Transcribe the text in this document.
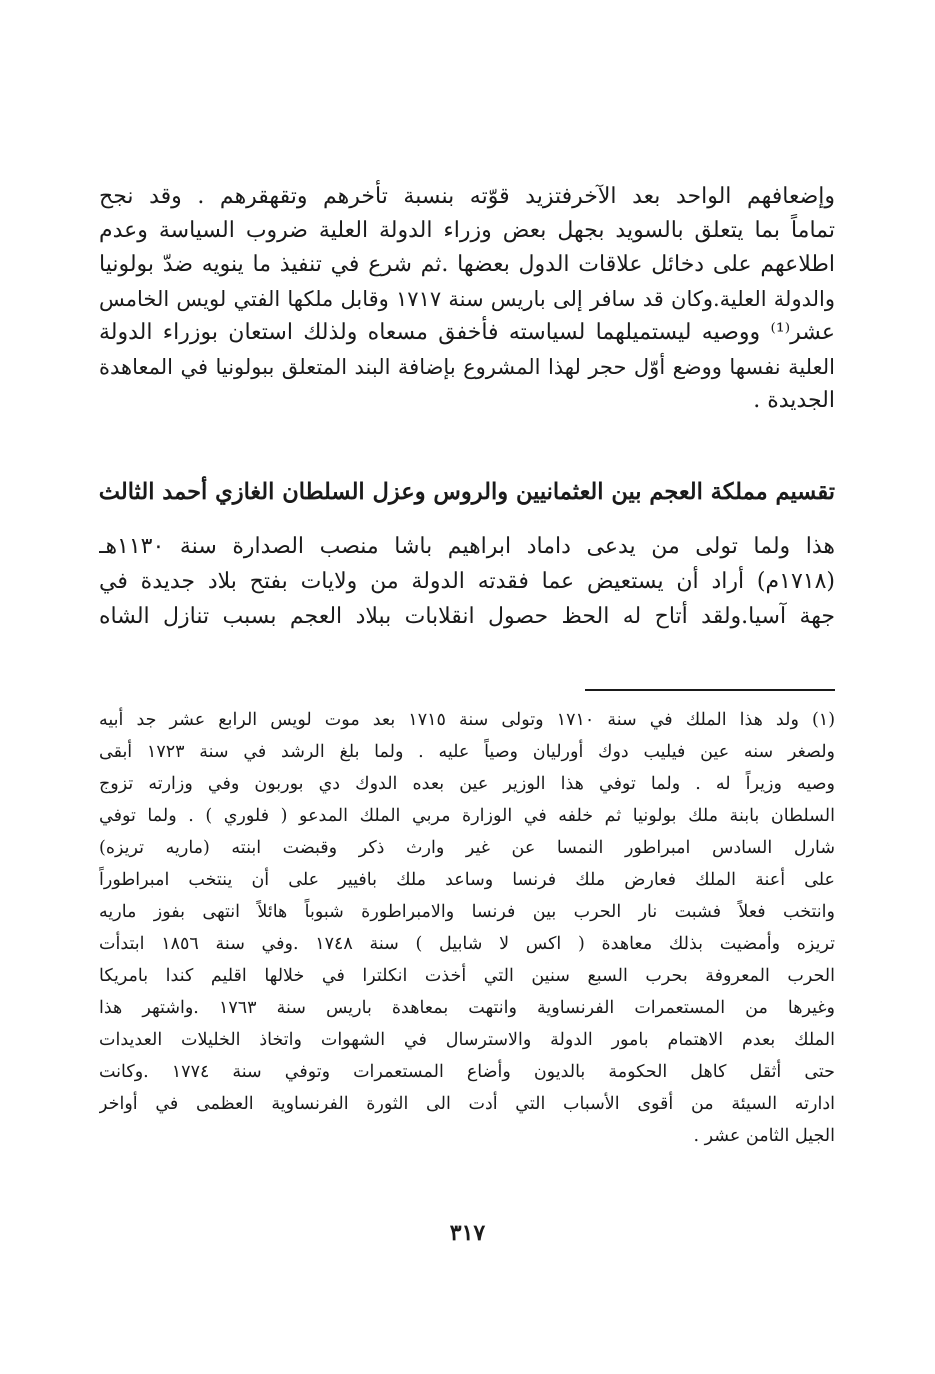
وإضعافهم الواحد بعد الآخرفتزيد قوّته بنسبة تأخرهم وتقهقرهم . وقد نجح
تماماً بما يتعلق بالسويد بجهل بعض وزراء الدولة العلية ضروب السياسة وعدم
اطلاعهم على دخائل علاقات الدول بعضها .ثم شرع في تنفيذ ما ينويه ضدّ بولونيا
والدولة العلية.وكان قد سافر إلى باريس سنة ١٧١٧ وقابل ملكها الفتي لويس الخامس
عشر⁽¹⁾ ووصيه ليستميلهما لسياسته فأخفق مسعاه ولذلك استعان بوزراء الدولة
العلية نفسها ووضع أوّل حجر لهذا المشروع بإضافة البند المتعلق ببولونيا في المعاهدة
الجديدة .
تقسيم مملكة العجم بين العثمانيين والروس وعزل السلطان الغازي أحمد الثالث
هذا ولما تولى من يدعى داماد ابراهيم باشا منصب الصدارة سنة ١١٣٠هـ
(١٧١٨م) أراد أن يستعيض عما فقدته الدولة من ولايات بفتح بلاد جديدة في
جهة آسيا.ولقد أتاح له الحظ حصول انقلابات ببلاد العجم بسبب تنازل الشاه
(١) ولد هذا الملك في سنة ١٧١٠ وتولى سنة ١٧١٥ بعد موت لويس الرابع عشر جد أبيه
ولصغر سنه عين فيليب دوك أورليان وصياً عليه . ولما بلغ الرشد في سنة ١٧٢٣ أبقى
وصيه وزيراً له . ولما توفي هذا الوزير عين بعده الدوك دي بوربون وفي وزارته تزوج
السلطان بابنة ملك بولونيا ثم خلفه في الوزارة مربي الملك المدعو ( فلوري ) . ولما توفي
شارل السادس امبراطور النمسا عن غير وارث ذكر وقبضت ابنته (ماريه تريزه)
على أعنة الملك فعارض ملك فرنسا وساعد ملك بافيير على أن ينتخب امبراطوراً
وانتخب فعلاً فشبت نار الحرب بين فرنسا والامبراطورة شبوباً هائلاً انتهى بفوز ماريه
تريزه وأمضيت بذلك معاهدة ( اكس لا شابيل ) سنة ١٧٤٨ .وفي سنة ١٨٥٦ ابتدأت
الحرب المعروفة بحرب السبع سنين التي أخذت انكلترا في خلالها اقليم كندا بامريكا
وغيرها من المستعمرات الفرنساوية وانتهت بمعاهدة باريس سنة ١٧٦٣ .واشتهر هذا
الملك بعدم الاهتمام بامور الدولة والاسترسال في الشهوات واتخاذ الخليلات العديدات
حتى أثقل كاهل الحكومة بالديون وأضاع المستعمرات وتوفي سنة ١٧٧٤ .وكانت
ادارته السيئة من أقوى الأسباب التي أدت الى الثورة الفرنساوية العظمى في أواخر
الجيل الثامن عشر .
٣١٧
